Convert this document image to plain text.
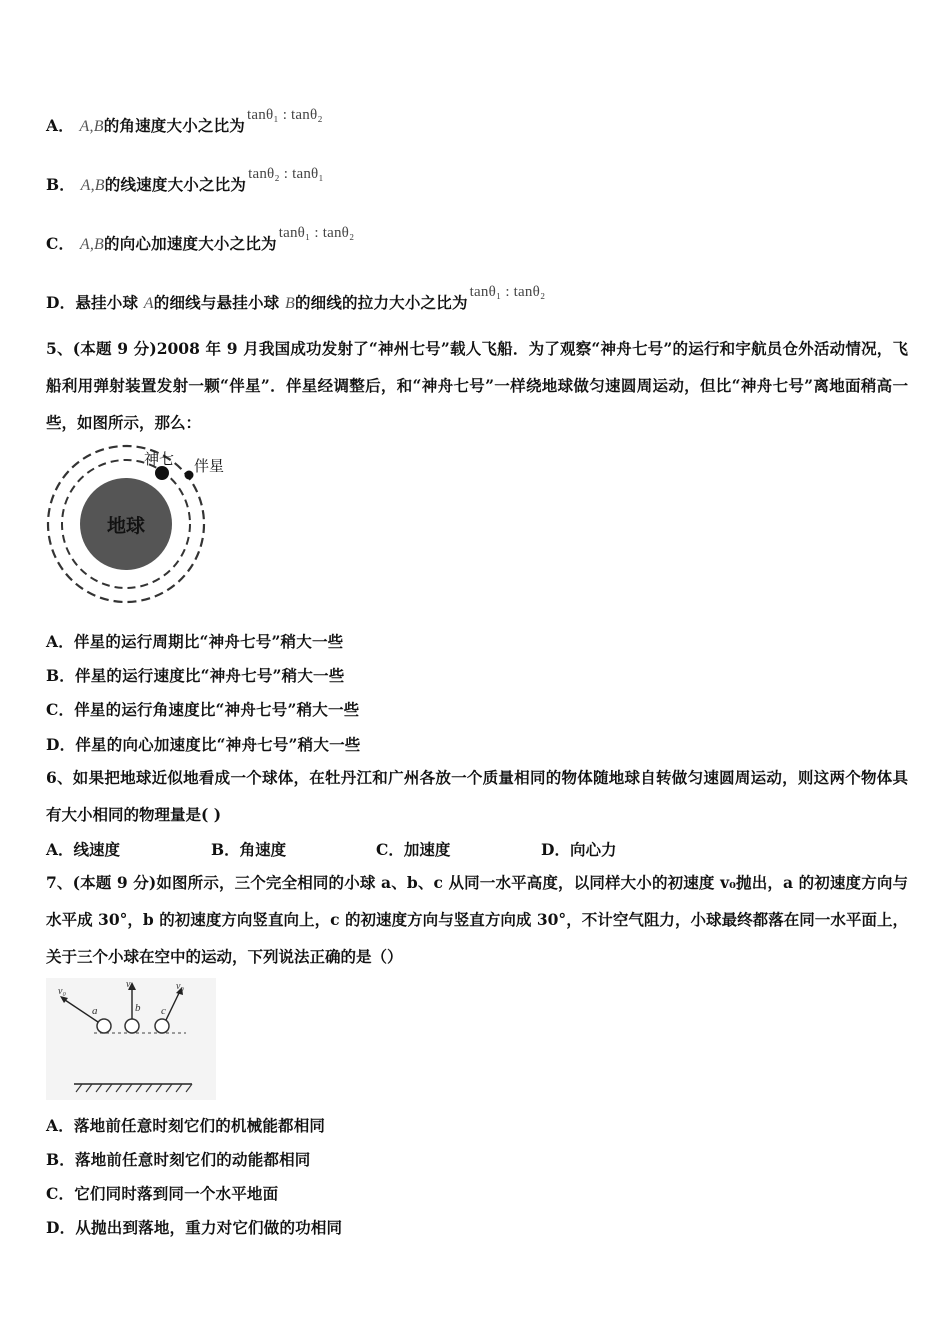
A． A,B的角速度大小之比为tanθ₁ : tanθ₂
B． A,B的线速度大小之比为tanθ₂ : tanθ₁
C． A,B的向心加速度大小之比为tanθ₁ : tanθ₂
D．悬挂小球 A的细线与悬挂小球 B的细线的拉力大小之比为tanθ₁ : tanθ₂
5、(本题 9 分)2008 年 9 月我国成功发射了“神州七号”载人飞船．为了观察“神舟七号”的运行和宇航员仓外活动情况，飞船利用弹射装置发射一颗“伴星”．伴星经调整后，和“神舟七号”一样绕地球做匀速圆周运动，但比“神舟七号”离地面稍高一些，如图所示，那么：
地球
神七 伴星
A．伴星的运行周期比“神舟七号”稍大一些
B．伴星的运行速度比“神舟七号”稍大一些
C．伴星的运行角速度比“神舟七号”稍大一些
D．伴星的向心加速度比“神舟七号”稍大一些
6、如果把地球近似地看成一个球体，在牡丹江和广州各放一个质量相同的物体随地球自转做匀速圆周运动，则这两个物体具有大小相同的物理量是( )
A．线速度	B．角速度	C．加速度	D．向心力
7、(本题 9 分)如图所示，三个完全相同的小球 a、b、c 从同一水平高度，以同样大小的初速度 v₀抛出，a 的初速度方向与水平成 30°，b 的初速度方向竖直向上，c 的初速度方向与竖直方向成 30°，不计空气阻力，小球最终都落在同一水平面上，关于三个小球在空中的运动，下列说法正确的是（）
v₀
v₀	v₀
a	b c
A．落地前任意时刻它们的机械能都相同
B．落地前任意时刻它们的动能都相同
C．它们同时落到同一个水平地面
D．从抛出到落地，重力对它们做的功相同
